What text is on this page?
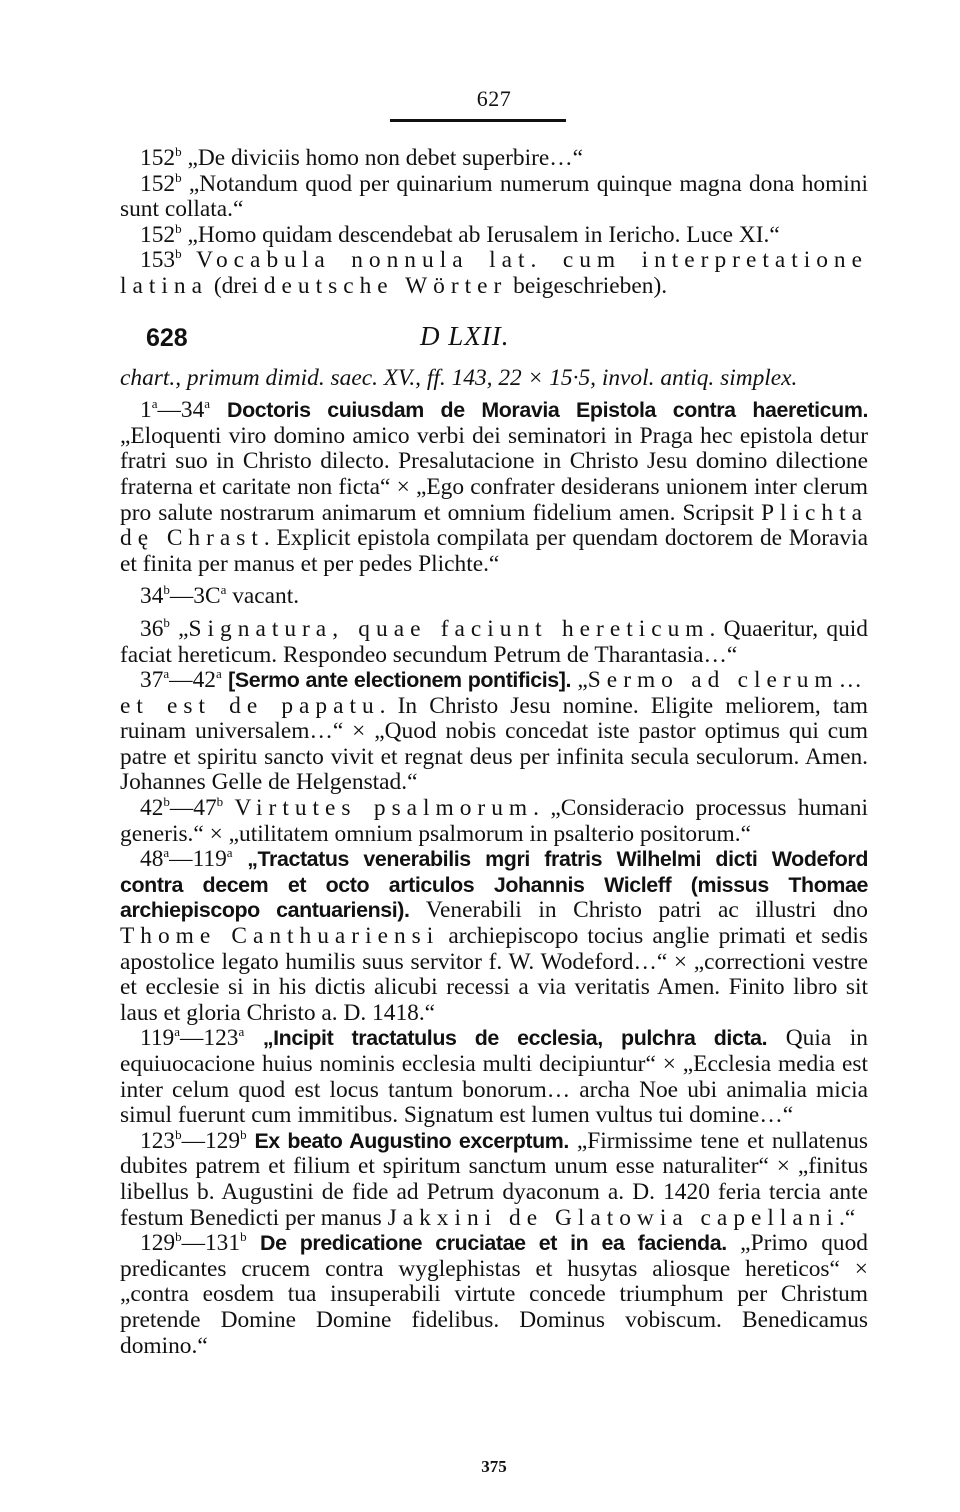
627

152$^b$ „De diviciis homo non debet superbire…“

152$^b$ „Notandum quod per quinarium numerum quinque magna dona homini sunt collata.“

152$^b$ „Homo quidam descendebat ab Ierusalem in Iericho. Luce XI.“

153$^b$ Vocabula nonnula lat. cum interpretatione latina (drei deutsche Wörter beigeschrieben).

628	D LXII.

chart., primum dimid. saec. XV., ff. 143, 22 × 15·5, invol. antiq. simplex.

1$^a$—34$^a$ Doctoris cuiusdam de Moravia Epistola contra haereticum. „Eloquenti viro domino amico verbi dei seminatori in Praga hec epistola detur fratri suo in Christo dilecto. Presalutacione in Christo Jesu domino dilectione fraterna et caritate non ficta“ × „Ego confrater desiderans unionem inter clerum pro salute nostrarum animarum et omnium fidelium amen. Scripsit Plichta dę Chrast. Explicit epistola compilata per quendam doctorem de Moravia et finita per manus et per pedes Plichte.“

$34^b—3C^a$ vacant.

36$^b$ „Signatura, quae faciunt hereticum. Quaeritur, quid faciat hereticum. Respondeo secundum Petrum de Tharantasia…“

37$^a$—42$^a$ [Sermo ante electionem pontificis]. „Sermo ad clerum… et est de papatu. In Christo Jesu nomine. Eligite meliorem, tam ruinam universalem…“ × „Quod nobis concedat iste pastor optimus qui cum patre et spiritu sancto vivit et regnat deus per infinita secula seculorum. Amen. Johannes Gelle de Helgenstad.“

42$^b$—47$^b$ Virtutes psalmorum. „Consideracio processus humani generis.“ × „utilitatem omnium psalmorum in psalterio positorum.“

48$^a$—119$^a$ „Tractatus venerabilis mgri fratris Wilhelmi dicti Wodeford contra decem et octo articulos Johannis Wicleff (missus Thomae archiepiscopo cantuariensi). Venerabili in Christo patri ac illustri dno Thome Canthuariensi archiepiscopo tocius anglie primati et sedis apostolice legato humilis suus servitor f. W. Wodeford…“ × „correctioni vestre et ecclesie si in his dictis alicubi recessi a via veritatis Amen. Finito libro sit laus et gloria Christo a. D. 1418.“

119$^a$—123$^a$ „Incipit tractatulus de ecclesia, pulchra dicta. Quia in equiuocacione huius nominis ecclesia multi decipiuntur“ × „Ecclesia media est inter celum quod est locus tantum bonorum… archa Noe ubi animalia micia simul fuerunt cum immitibus. Signatum est lumen vultus tui domine…“

123$^b$—129$^b$ Ex beato Augustino excerptum. „Firmissime tene et nullatenus dubites patrem et filium et spiritum sanctum unum esse naturaliter“ × „finitus libellus b. Augustini de fide ad Petrum dyaconum a. D. 1420 feria tercia ante festum Benedicti per manus Jakxini de Glatowia capellani.“

129$^b$—131$^b$ De predicatione cruciatae et in ea facienda. „Primo quod predicantes crucem contra wyglephistas et husytas aliosque hereticos“ × „contra eosdem tua insuperabili virtute concede triumphum per Christum pretende Domine Domine fidelibus. Dominus vobiscum. Benedicamus domino.“

375
